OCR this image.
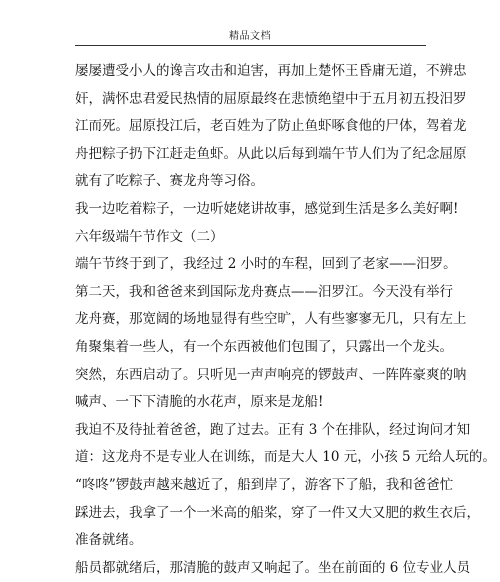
精品文档
屡屡遭受小人的谗言攻击和迫害，再加上楚怀王昏庸无道，不辨忠
奸，满怀忠君爱民热情的屈原最终在悲愤绝望中于五月初五投汨罗
江而死。屈原投江后，老百姓为了防止鱼虾啄食他的尸体，驾着龙
舟把粽子扔下江赶走鱼虾。从此以后每到端午节人们为了纪念屈原
就有了吃粽子、赛龙舟等习俗。
我一边吃着粽子，一边听姥姥讲故事，感觉到生活是多么美好啊!
六年级端午节作文（二）
端午节终于到了，我经过 2 小时的车程，回到了老家——汨罗。
第二天，我和爸爸来到国际龙舟赛点——汨罗江。今天没有举行
龙舟赛，那宽阔的场地显得有些空旷，人有些寥寥无几，只有左上
角聚集着一些人，有一个东西被他们包围了，只露出一个龙头。
突然，东西启动了。只听见一声声响亮的锣鼓声、一阵阵豪爽的呐
喊声、一下下清脆的水花声，原来是龙船!
我迫不及待扯着爸爸，跑了过去。正有 3 个在排队，经过询问才知
道：这龙舟不是专业人在训练，而是大人 10 元，小孩 5 元给人玩的。
“咚咚”锣鼓声越来越近了，船到岸了，游客下了船，我和爸爸忙
踩进去，我拿了一个一米高的船桨，穿了一件又大又肥的救生衣后，
准备就绪。
船员都就绪后，那清脆的鼓声又响起了。坐在前面的 6 位专业人员
